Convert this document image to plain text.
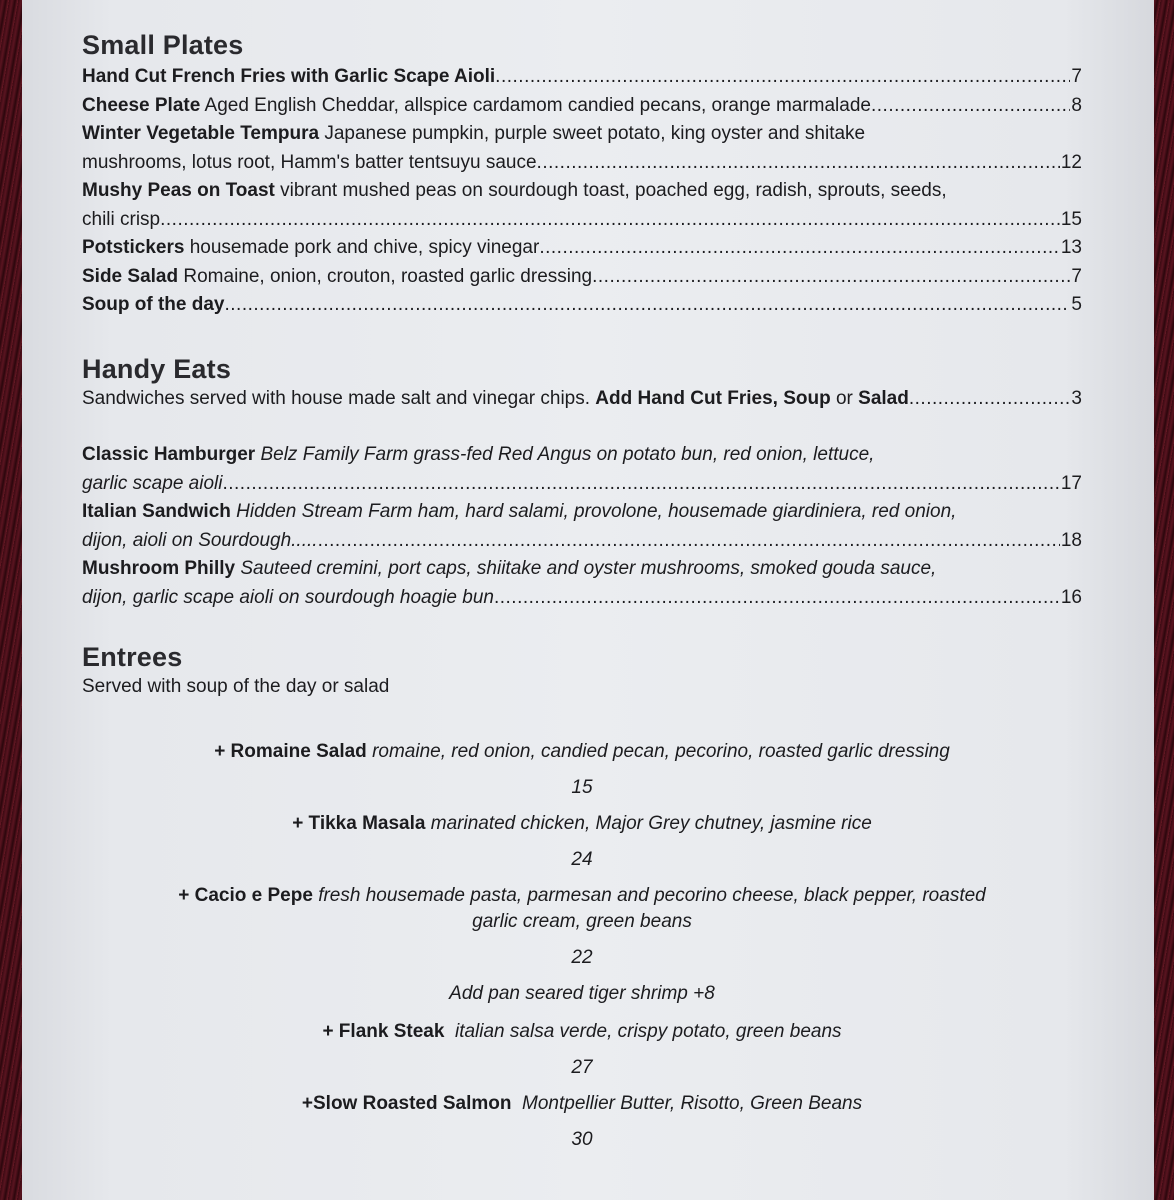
Small Plates
Hand Cut French Fries with Garlic Scape Aioli .....	7
Cheese Plate Aged English Cheddar, allspice cardamom candied pecans, orange marmalade .....	8
Winter Vegetable Tempura Japanese pumpkin, purple sweet potato, king oyster and shitake
mushrooms, lotus root, Hamm's batter tentsuyu sauce .....	12
Mushy Peas on Toast vibrant mushed peas on sourdough toast, poached egg, radish, sprouts, seeds,
chili crisp .....	15
Potstickers housemade pork and chive, spicy vinegar .....	13
Side Salad Romaine, onion, crouton, roasted garlic dressing .....	7
Soup of the day .....	5
Handy Eats
Sandwiches served with house made salt and vinegar chips. Add Hand Cut Fries, Soup or Salad .....	3
Classic Hamburger Belz Family Farm grass-fed Red Angus on potato bun, red onion, lettuce,
garlic scape aioli .....	17
Italian Sandwich Hidden Stream Farm ham, hard salami, provolone, housemade giardiniera, red onion,
dijon, aioli on Sourdough..... .....	18
Mushroom Philly Sauteed cremini, port caps, shiitake and oyster mushrooms, smoked gouda sauce,
dijon, garlic scape aioli on sourdough hoagie bun .....	16
Entrees
Served with soup of the day or salad
+ Romaine Salad romaine, red onion, candied pecan, pecorino, roasted garlic dressing
15
+ Tikka Masala marinated chicken, Major Grey chutney, jasmine rice
24
+ Cacio e Pepe fresh housemade pasta, parmesan and pecorino cheese, black pepper, roasted
garlic cream, green beans
22
Add pan seared tiger shrimp +8
+ Flank Steak italian salsa verde, crispy potato, green beans
27
+Slow Roasted Salmon Montpellier Butter, Risotto, Green Beans
30
